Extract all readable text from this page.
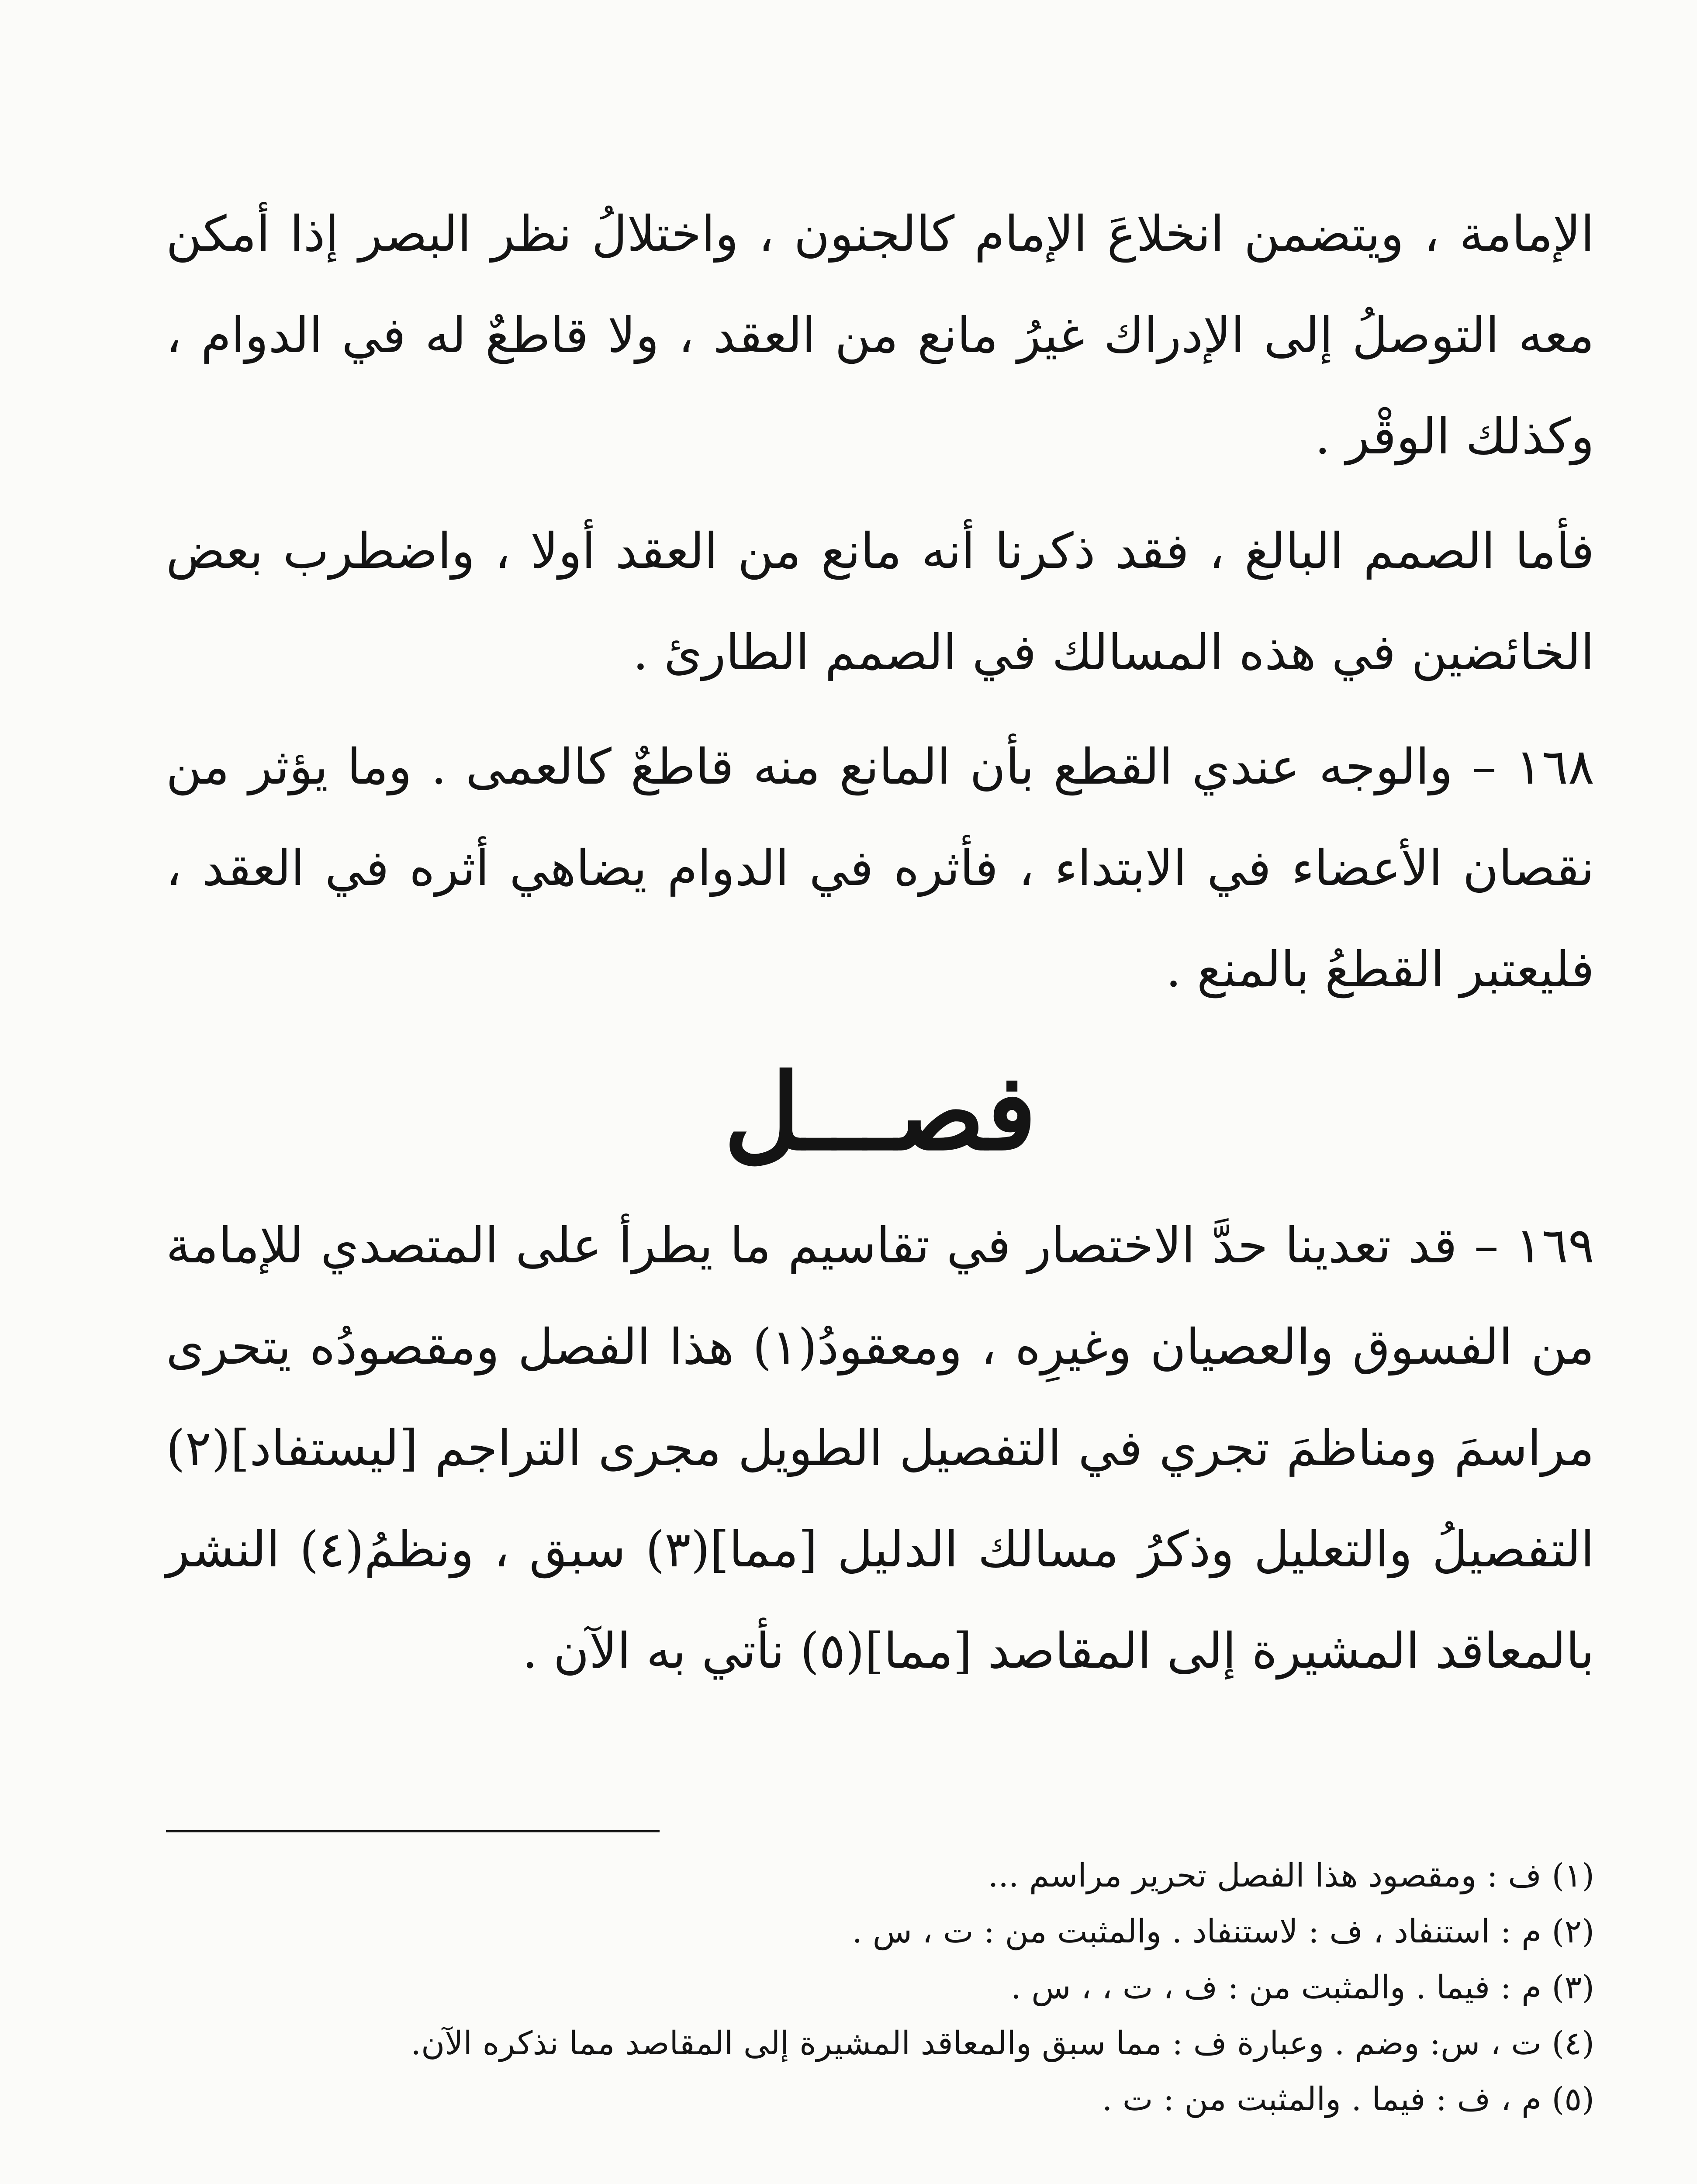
الإمامة ، ويتضمن انخلاعَ الإمام كالجنون ، واختلالُ نظر البصر إذا أمكن معه التوصلُ إلى الإدراك غيرُ مانع من العقد ، ولا قاطعٌ له في الدوام ، وكذلك الوقْر .

فأما الصمم البالغ ، فقد ذكرنا أنه مانع من العقد أولا ، واضطرب بعض الخائضين في هذه المسالك في الصمم الطارئ .

١٦٨ – والوجه عندي القطع بأن المانع منه قاطعٌ كالعمى . وما يؤثر من نقصان الأعضاء في الابتداء ، فأثره في الدوام يضاهي أثره في العقد ، فليعتبر القطعُ بالمنع .

فصـــل

١٦٩ – قد تعدينا حدَّ الاختصار في تقاسيم ما يطرأ على المتصدي للإمامة من الفسوق والعصيان وغيرِه ، ومعقودُ(١) هذا الفصل ومقصودُه يتحرى مراسمَ ومناظمَ تجري في التفصيل الطويل مجرى التراجم [ليستفاد](٢) التفصيلُ والتعليل وذكرُ مسالك الدليل [مما](٣) سبق ، ونظمُ(٤) النشر بالمعاقد المشيرة إلى المقاصد [مما](٥) نأتي به الآن .

(١) ف : ومقصود هذا الفصل تحرير مراسم ...

(٢) م : استنفاد ، ف : لاستنفاد . والمثبت من : ت ، س .

(٣) م : فيما . والمثبت من : ف ، ت ، ، س .

(٤) ت ، س: وضم . وعبارة ف : مما سبق والمعاقد المشيرة إلى المقاصد مما نذكره الآن.

(٥) م ، ف : فيما . والمثبت من : ت .
